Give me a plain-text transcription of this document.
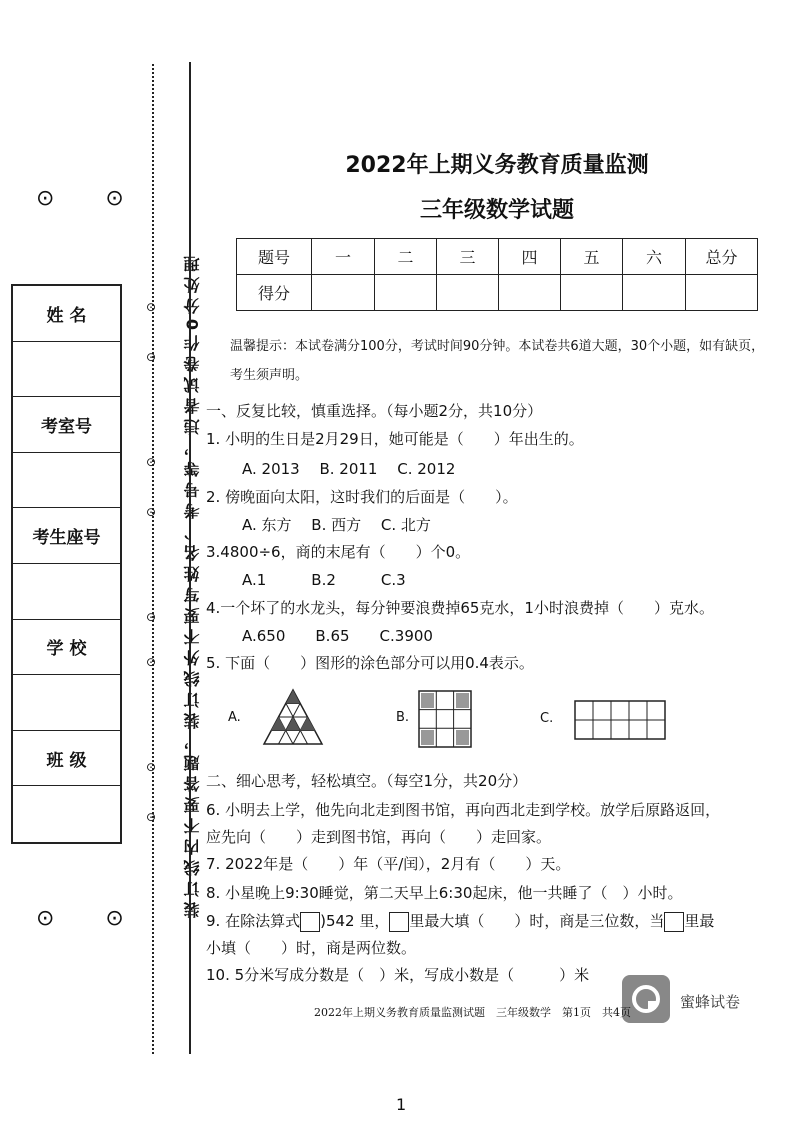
⊙ ⊙
姓 名
考室号
考生座号
学 校
班 级
⊙ ⊙
⊙
⊙
⊙
⊙
⊙
⊙
⊙
⊙ 装订线内不要答题，装订线外不要写姓名、考号等，违者试卷作0分处理
2022年上期义务教育质量监测
三年级数学试题
题号	一	二	三	四	五	六	总分
得分							
温馨提示：本试卷满分100分，考试时间90分钟。本试卷共6道大题，30个小题，如有缺页，考生须声明。
一、反复比较，慎重选择。（每小题2分，共10分）
1. 小明的生日是2月29日，她可能是（　　）年出生的。
A. 2013　 B. 2011　 C. 2012
2. 傍晚面向太阳，这时我们的后面是（　　）。
A. 东方　 B. 西方　 C. 北方
3.4800÷6，商的末尾有（　　）个0。
A.1　　　B.2　　　C.3
4.一个坏了的水龙头，每分钟要浪费掉65克水，1小时浪费掉（　　）克水。
A.650　　B.65　　C.3900
5. 下面（　　）图形的涂色部分可以用0.4表示。
A.	B.	C.
二、细心思考，轻松填空。（每空1分，共20分）
6. 小明去上学，他先向北走到图书馆，再向西北走到学校。放学后原路返回，
应先向（　　）走到图书馆，再向（　　）走回家。
7. 2022年是（　　）年（平/闰），2月有（　　）天。
8. 小星晚上9:30睡觉，第二天早上6:30起床，他一共睡了（　）小时。
9. 在除法算式 )542 里， 里最大填（　　）时，商是三位数，当 里最
小填（　　）时，商是两位数。
10. 5分米写成分数是（　）米，写成小数是（　　　）米
蜜蜂试卷
2022年上期义务教育质量监测试题　三年级数学　第1页　共4页
1
